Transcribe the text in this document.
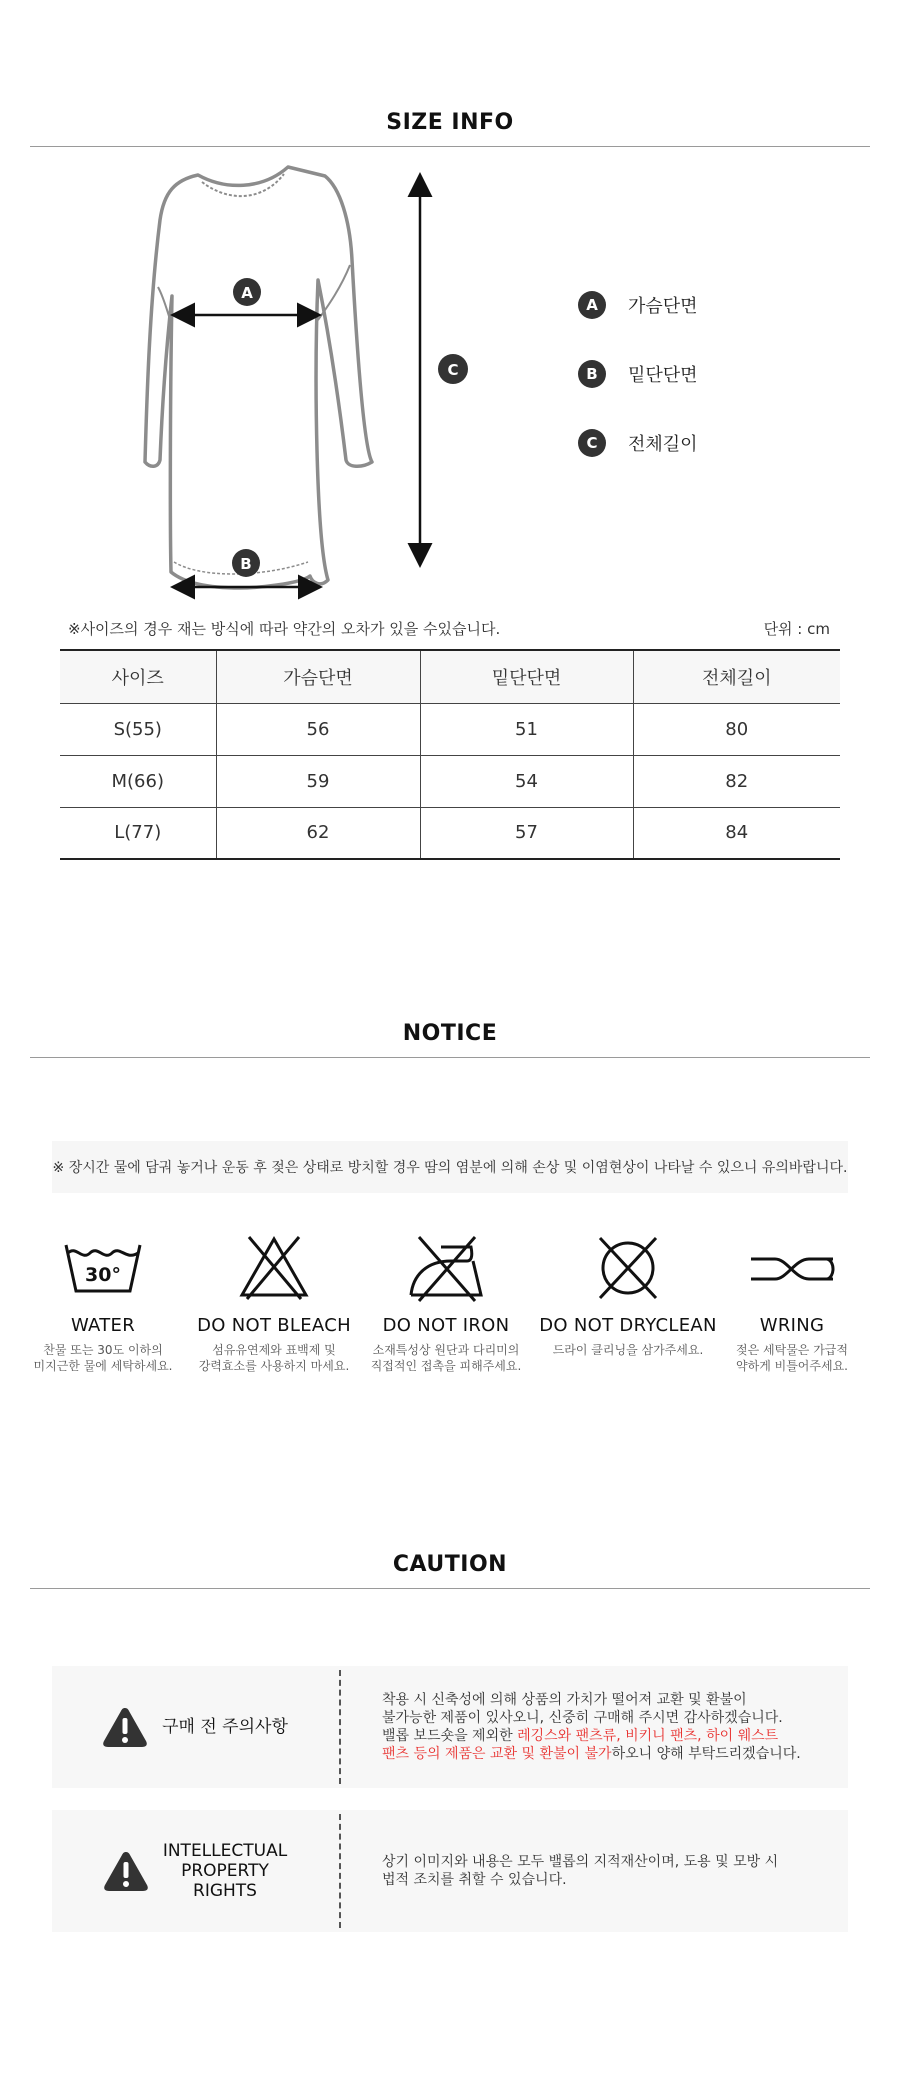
SIZE INFO
A
B
C
A	가슴단면
B	밑단단면
C	전체길이
※사이즈의 경우 재는 방식에 따라 약간의 오차가 있을 수있습니다.	단위 : cm
사이즈	가슴단면	밑단단면	전체길이
S(55)	56	51	80
M(66)	59	54	82
L(77)	62	57	84
NOTICE
※ 장시간 물에 담궈 놓거나 운동 후 젖은 상태로 방치할 경우 땀의 염분에 의해 손상 및 이염현상이 나타날 수 있으니 유의바랍니다.
30°
WATER
찬물 또는 30도 이하의
미지근한 물에 세탁하세요.
DO NOT BLEACH
섬유유연제와 표백제 및
강력효소를 사용하지 마세요.
DO NOT IRON
소재특성상 원단과 다리미의
직접적인 접촉을 피해주세요.
DO NOT DRYCLEAN
드라이 클리닝을 삼가주세요.
WRING
젖은 세탁물은 가급적
약하게 비틀어주세요.
CAUTION
구매 전 주의사항
착용 시 신축성에 의해 상품의 가치가 떨어져 교환 및 환불이
불가능한 제품이 있사오니, 신중히 구매해 주시면 감사하겠습니다.
밸롭 보드숏을 제외한 레깅스와 팬츠류, 비키니 팬츠, 하이 웨스트
팬츠 등의 제품은 교환 및 환불이 불가하오니 양해 부탁드리겠습니다.
INTELLECTUAL
PROPERTY
RIGHTS
상기 이미지와 내용은 모두 밸롭의 지적재산이며, 도용 및 모방 시
법적 조치를 취할 수 있습니다.
